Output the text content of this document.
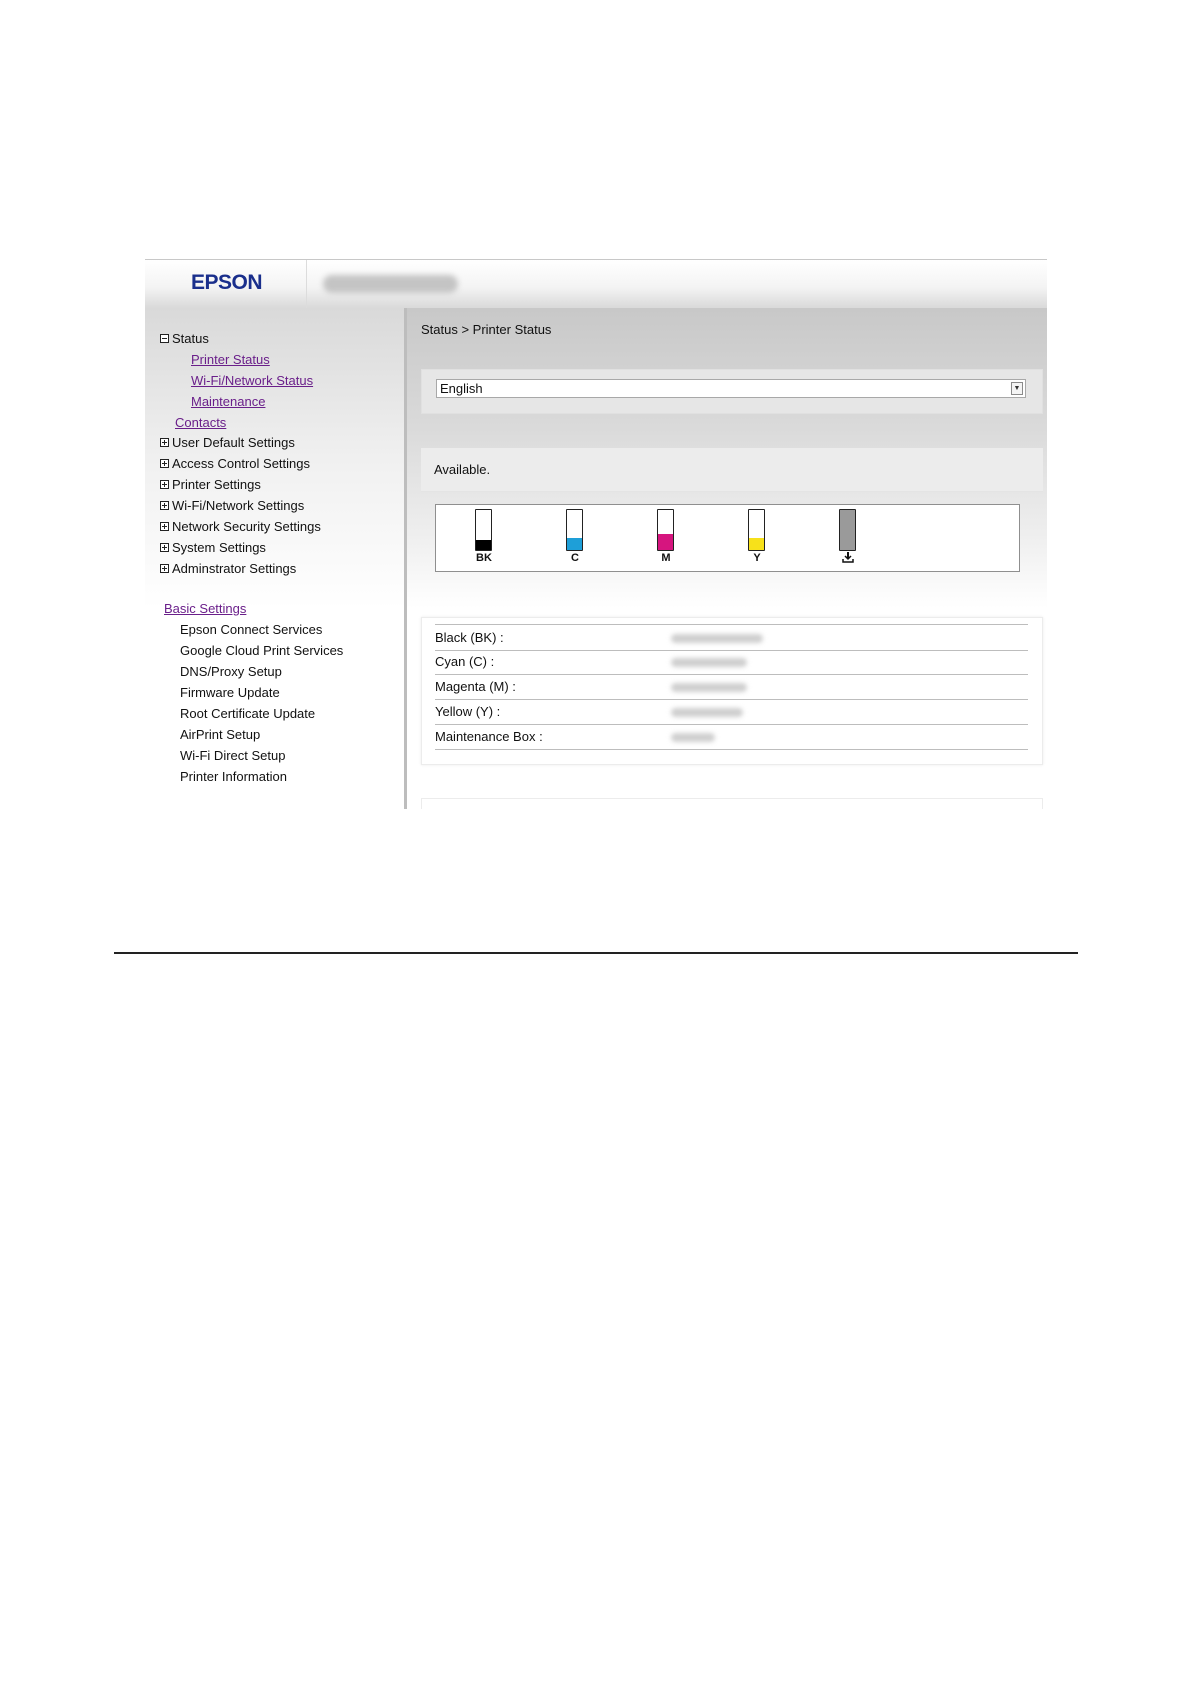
EPSON
Status
Printer Status
Wi-Fi/Network Status
Maintenance
Contacts
User Default Settings
Access Control Settings
Printer Settings
Wi-Fi/Network Settings
Network Security Settings
System Settings
Adminstrator Settings
Basic Settings
Epson Connect Services
Google Cloud Print Services
DNS/Proxy Setup
Firmware Update
Root Certificate Update
AirPrint Setup
Wi-Fi Direct Setup
Printer Information
Status > Printer Status
English	▼
Available.
BK	C	M	Y
Black (BK) :
Cyan (C) :
Magenta (M) :
Yellow (Y) :
Maintenance Box :
